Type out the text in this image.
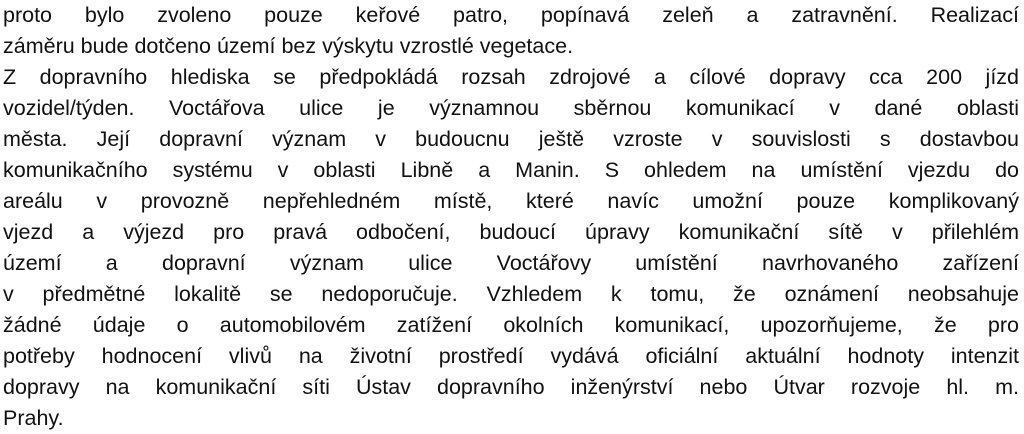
proto bylo zvoleno pouze keřové patro, popínavá zeleň a zatravnění. Realizací
záměru bude dotčeno území bez výskytu vzrostlé vegetace.
Z dopravního hlediska se předpokládá rozsah zdrojové a cílové dopravy cca 200 jízd
vozidel/týden. Voctářova ulice je významnou sběrnou komunikací v dané oblasti
města. Její dopravní význam v budoucnu ještě vzroste v souvislosti s dostavbou
komunikačního systému v oblasti Libně a Manin. S ohledem na umístění vjezdu do
areálu v provozně nepřehledném místě, které navíc umožní pouze komplikovaný
vjezd a výjezd pro pravá odbočení, budoucí úpravy komunikační sítě v přilehlém
území a dopravní význam ulice Voctářovy umístění navrhovaného zařízení
v předmětné lokalitě se nedoporučuje. Vzhledem k tomu, že oznámení neobsahuje
žádné údaje o automobilovém zatížení okolních komunikací, upozorňujeme, že pro
potřeby hodnocení vlivů na životní prostředí vydává oficiální aktuální hodnoty intenzit
dopravy na komunikační síti Ústav dopravního inženýrství nebo Útvar rozvoje hl. m.
Prahy.
